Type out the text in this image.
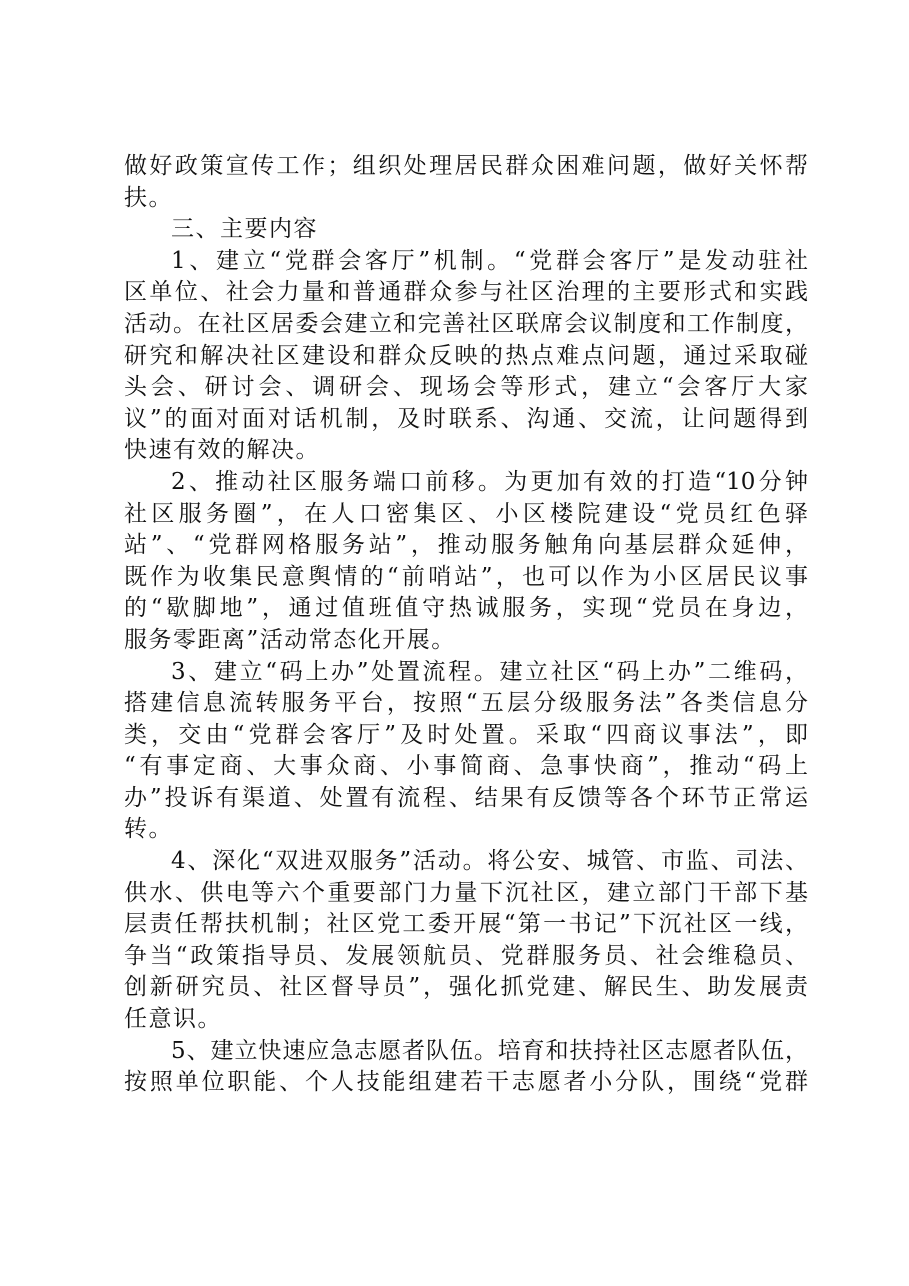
做好政策宣传工作；组织处理居民群众困难问题，做好关怀帮
扶。
三、主要内容
1、建立“党群会客厅”机制。“党群会客厅”是发动驻社
区单位、社会力量和普通群众参与社区治理的主要形式和实践
活动。在社区居委会建立和完善社区联席会议制度和工作制度，
研究和解决社区建设和群众反映的热点难点问题，通过采取碰
头会、研讨会、调研会、现场会等形式，建立“会客厅大家
议”的面对面对话机制，及时联系、沟通、交流，让问题得到
快速有效的解决。
2、推动社区服务端口前移。为更加有效的打造“10分钟
社区服务圈”，在人口密集区、小区楼院建设“党员红色驿
站”、“党群网格服务站”，推动服务触角向基层群众延伸，
既作为收集民意舆情的“前哨站”，也可以作为小区居民议事
的“歇脚地”，通过值班值守热诚服务，实现“党员在身边，
服务零距离”活动常态化开展。
3、建立“码上办”处置流程。建立社区“码上办”二维码，
搭建信息流转服务平台，按照“五层分级服务法”各类信息分
类，交由“党群会客厅”及时处置。采取“四商议事法”，即
“有事定商、大事众商、小事简商、急事快商”，推动“码上
办”投诉有渠道、处置有流程、结果有反馈等各个环节正常运
转。
4、深化“双进双服务”活动。将公安、城管、市监、司法、
供水、供电等六个重要部门力量下沉社区，建立部门干部下基
层责任帮扶机制；社区党工委开展“第一书记”下沉社区一线，
争当“政策指导员、发展领航员、党群服务员、社会维稳员、
创新研究员、社区督导员”，强化抓党建、解民生、助发展责
任意识。
5、建立快速应急志愿者队伍。培育和扶持社区志愿者队伍，
按照单位职能、个人技能组建若干志愿者小分队，围绕“党群
